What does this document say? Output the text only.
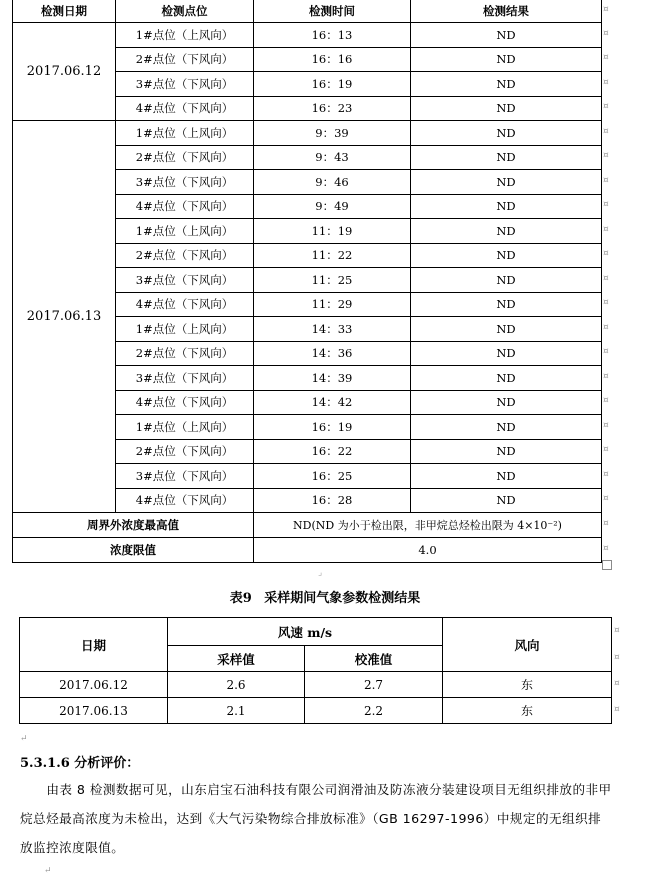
检测日期	检测点位	检测时间	检测结果
2017.06.12	1#点位（上风向）	16：13	ND
	2#点位（下风向）	16：16	ND
	3#点位（下风向）	16：19	ND
	4#点位（下风向）	16：23	ND
2017.06.13	1#点位（上风向）	9：39	ND
	2#点位（下风向）	9：43	ND
	3#点位（下风向）	9：46	ND
	4#点位（下风向）	9：49	ND
	1#点位（上风向）	11：19	ND
	2#点位（下风向）	11：22	ND
	3#点位（下风向）	11：25	ND
	4#点位（下风向）	11：29	ND
	1#点位（上风向）	14：33	ND
	2#点位（下风向）	14：36	ND
	3#点位（下风向）	14：39	ND
	4#点位（下风向）	14：42	ND
	1#点位（上风向）	16：19	ND
	2#点位（下风向）	16：22	ND
	3#点位（下风向）	16：25	ND
	4#点位（下风向）	16：28	ND
周界外浓度最高值		ND(ND 为小于检出限，非甲烷总烃检出限为 4×10⁻²)	
浓度限值		4.0	
⌟
表9 采样期间气象参数检测结果
日期	风速 m/s		风向
	采样值	校准值	
2017.06.12	2.6	2.7	东
2017.06.13	2.1	2.2	东
↵
5.3.1.6 分析评价：
由表 8 检测数据可见，山东启宝石油科技有限公司润滑油及防冻液分装建设项目无组织排放的非甲烷总烃最高浓度为未检出，达到《大气污染物综合排放标准》（GB 16297-1996）中规定的无组织排放监控浓度限值。
↵
¤
¤
¤
¤
¤
¤
¤
¤
¤
¤
¤
¤
¤
¤
¤
¤
¤
¤
¤
¤
¤
¤
¤
¤
¤
¤
¤
